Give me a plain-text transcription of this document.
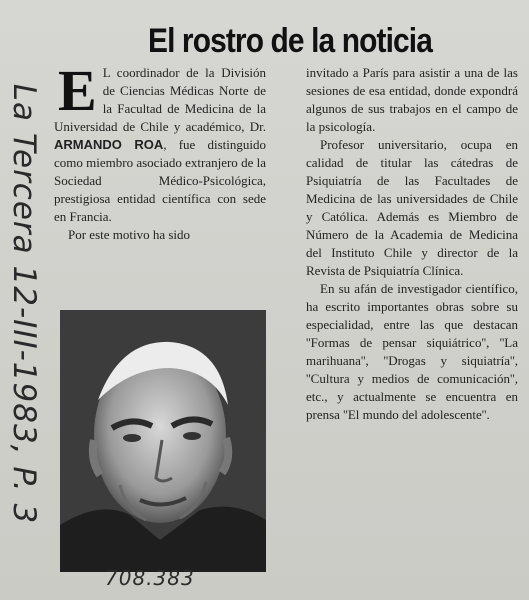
La Tercera 12-III-1983, P. 3
El rostro de la noticia

E L coordinador de la División de Ciencias Médicas Norte de la Facultad de Medicina de la Universidad de Chile y académico, Dr. ARMANDO ROA, fue distinguido como miembro asociado extranjero de la Sociedad Médico-Psicológica, prestigiosa entidad científica con sede en Francia.

Por este motivo ha sido

708.383

invitado a París para asistir a una de las sesiones de esa entidad, donde expondrá algunos de sus trabajos en el campo de la psicología.

Profesor universitario, ocupa en calidad de titular las cátedras de Psiquiatría de las Facultades de Medicina de las universidades de Chile y Católica. Además es Miembro de Número de la Academia de Medicina del Instituto Chile y director de la Revista de Psiquiatría Clínica.

En su afán de investigador científico, ha escrito importantes obras sobre su especialidad, entre las que destacan ''Formas de pensar siquiátrico'', ''La marihuana'', ''Drogas y siquiatría'', ''Cultura y medios de comunicación'', etc., y actualmente se encuentra en prensa ''El mundo del adolescente''.
